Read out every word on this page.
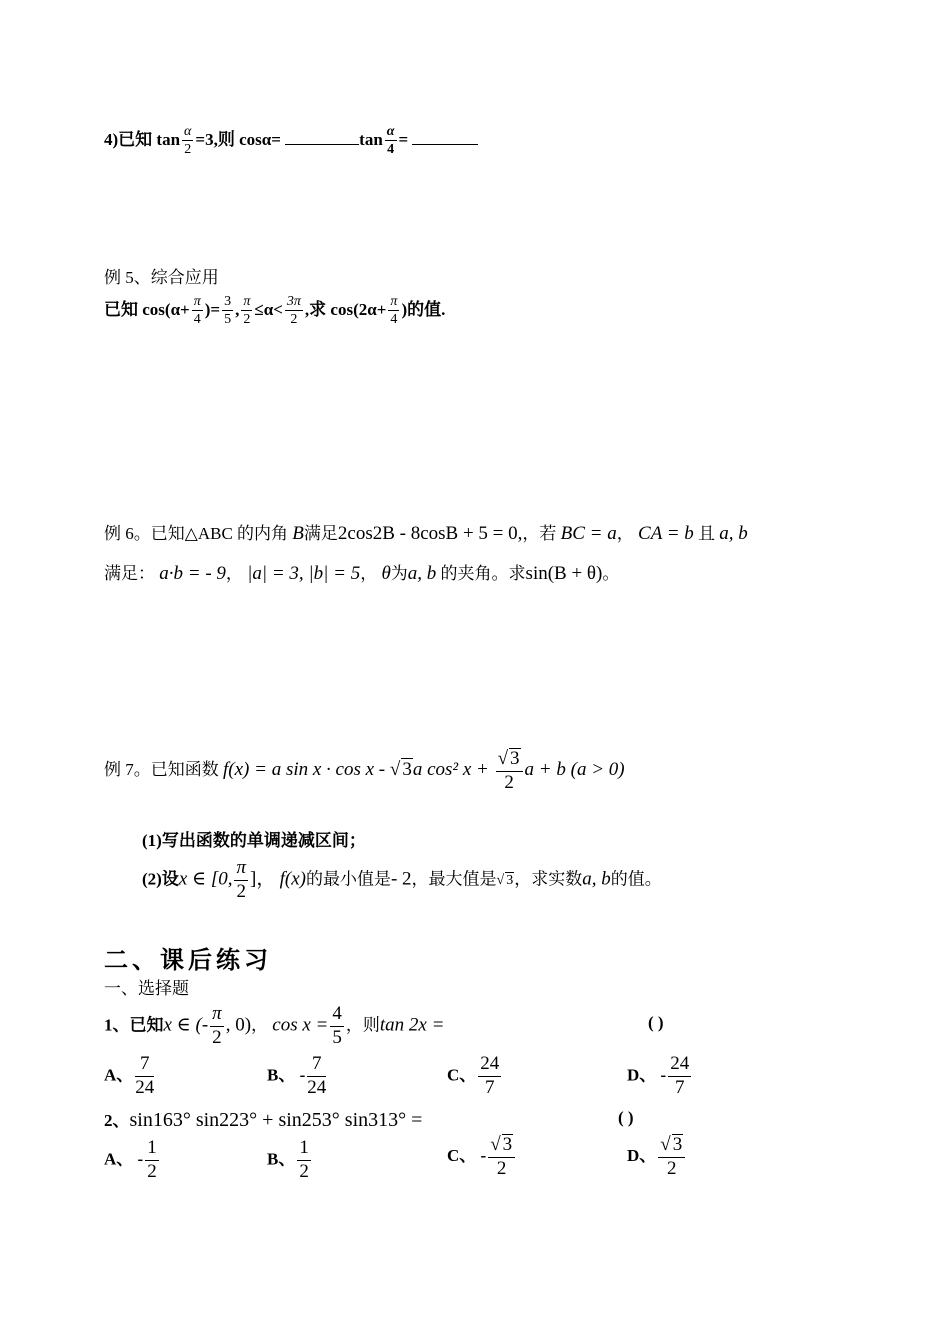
4)已知 $\tan \frac{\alpha}{2} =3$,则 cosα=	$\tan \frac{\alpha}{4}$ =
例 5、综合应用
已知 $\cos(\alpha+ \frac{\pi}{4}$ )= $\frac{3}{5}$ , $\frac{\pi}{2} \le\alpha< \frac{3\pi}{2}$ ,求 $\cos(2\alpha+ \frac{\pi}{4}$ )的值.
例 6。已知△ABC 的内角 B满足2cos2B - 8cosB + 5 = 0,，若 BC = a， CA = b 且 a, b
满足： a·b = - 9， |a| = 3, |b| = 5， θ为a, b 的夹角。求sin(B + θ)。
例 7。已知函数 f(x) = a sin x · cos x - √ 3a cos² $x + \frac{√ 3}{2}$ a + b (a > 0)
(1)写出函数的单调递减区间；
(2)设x ∈ [0, $\frac{\pi}{2}$ ]， f(x)的最小值是- 2，最大值是√ 3，求实数a, b的值。
二、课后练习
一、选择题
1、已知x ∈ (- $\frac{\pi}{2}$ , 0)， $\cos x = \frac{4}{5}$ ，则tan 2x =	( )
A、 $\frac{7}{24}$	B、 - $\frac{7}{24}$	C、 $\frac{24}{7}$	D、 - $\frac{24}{7}$
2、sin163° sin223° + sin253° sin313° =	( )
A、 - $\frac{1}{2}$	B、 $\frac{1}{2}$	C、 - $\frac{√ 3}{2}$	D、 $\frac{√ 3}{2}$
